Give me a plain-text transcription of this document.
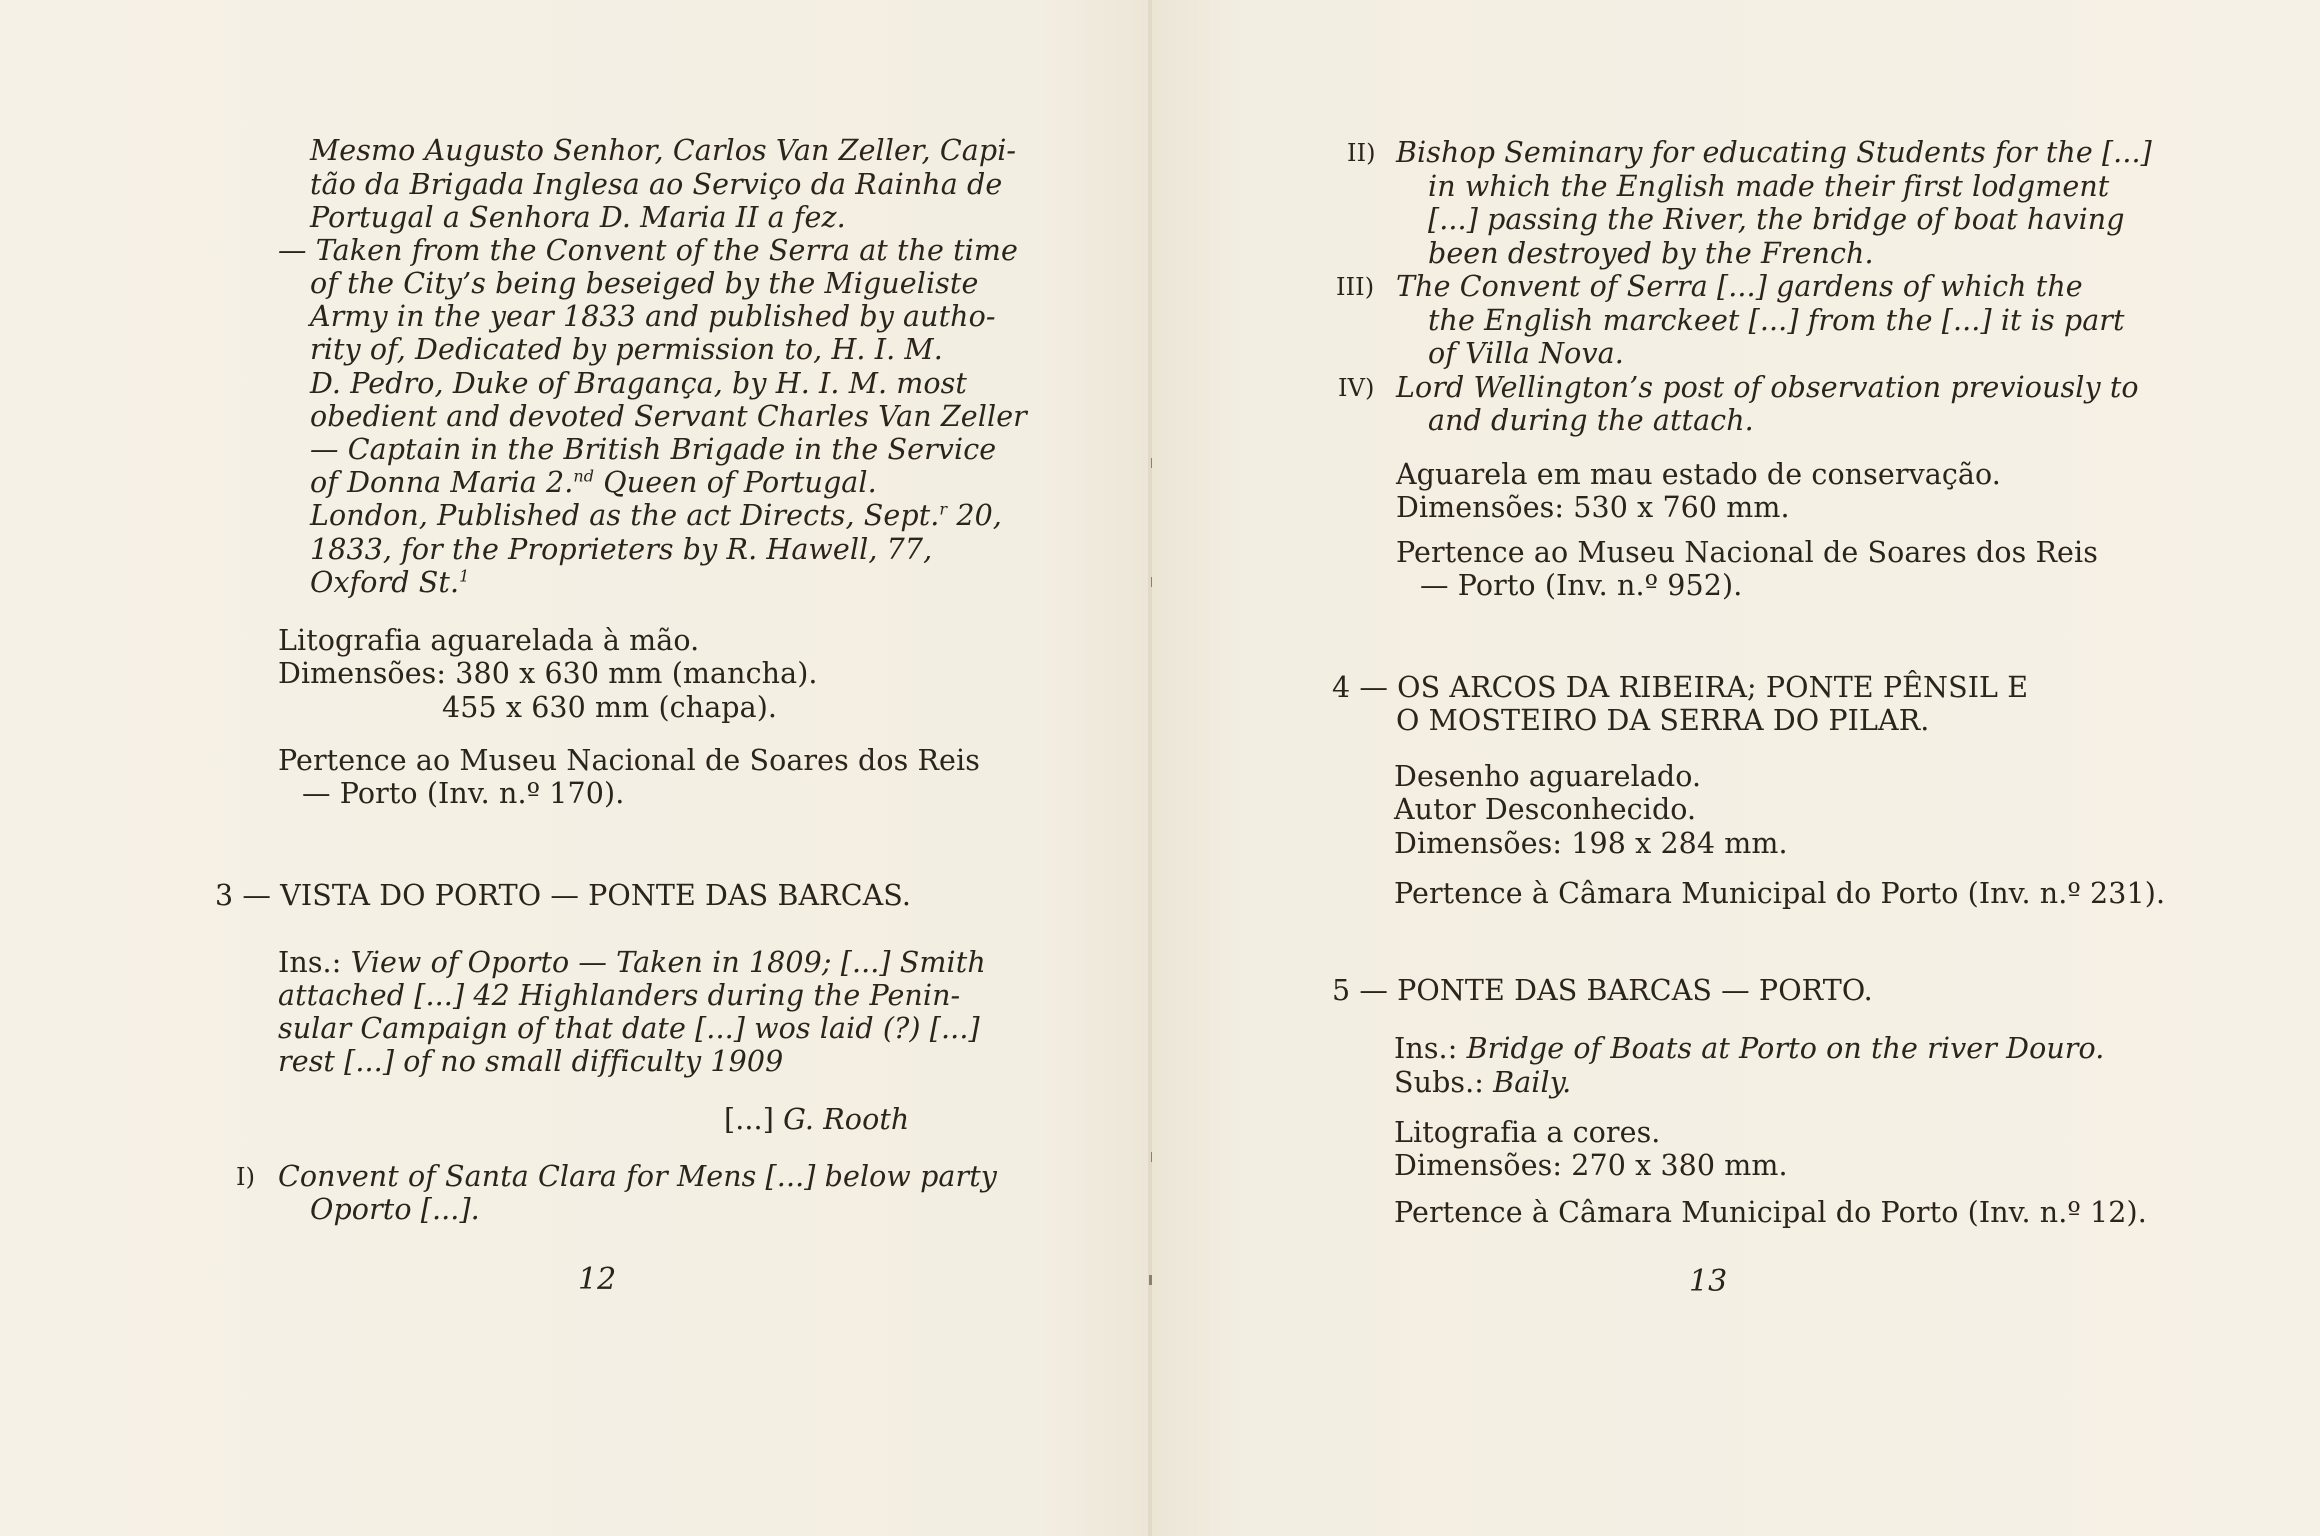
Mesmo Augusto Senhor, Carlos Van Zeller, Capi-
tão da Brigada Inglesa ao Serviço da Rainha de
Portugal a Senhora D. Maria II a fez.
— Taken from the Convent of the Serra at the time
of the City’s being beseiged by the Migueliste
Army in the year 1833 and published by autho-
rity of, Dedicated by permission to, H. I. M.
D. Pedro, Duke of Bragança, by H. I. M. most
obedient and devoted Servant Charles Van Zeller
— Captain in the British Brigade in the Service
of Donna Maria 2.$^{nd}$ Queen of Portugal.
London, Published as the act Directs, Sept.$^r$ 20,
1833, for the Proprieters by R. Hawell, 77,
Oxford St.$^1$
Litografia aguarelada à mão.
Dimensões: 380 x 630 mm (mancha).
455 x 630 mm (chapa).
Pertence ao Museu Nacional de Soares dos Reis
— Porto (Inv. n.º 170).
3 — VISTA DO PORTO — PONTE DAS BARCAS.
Ins.: View of Oporto — Taken in 1809; [...] Smith
attached [...] 42 Highlanders during the Penin-
sular Campaign of that date [...] wos laid (?) [...]
rest [...] of no small difficulty 1909
[...] G. Rooth
I) Convent of Santa Clara for Mens [...] below party
Oporto [...].
12
II) Bishop Seminary for educating Students for the [...]
in which the English made their first lodgment
[...] passing the River, the bridge of boat having
been destroyed by the French.
III) The Convent of Serra [...] gardens of which the
the English marckeet [...] from the [...] it is part
of Villa Nova.
IV) Lord Wellington’s post of observation previously to
and during the attach.
Aguarela em mau estado de conservação.
Dimensões: 530 x 760 mm.
Pertence ao Museu Nacional de Soares dos Reis
— Porto (Inv. n.º 952).
4 — OS ARCOS DA RIBEIRA; PONTE PÊNSIL E
O MOSTEIRO DA SERRA DO PILAR.
Desenho aguarelado.
Autor Desconhecido.
Dimensões: 198 x 284 mm.
Pertence à Câmara Municipal do Porto (Inv. n.º 231).
5 — PONTE DAS BARCAS — PORTO.
Ins.: Bridge of Boats at Porto on the river Douro.
Subs.: Baily.
Litografia a cores.
Dimensões: 270 x 380 mm.
Pertence à Câmara Municipal do Porto (Inv. n.º 12).
13
